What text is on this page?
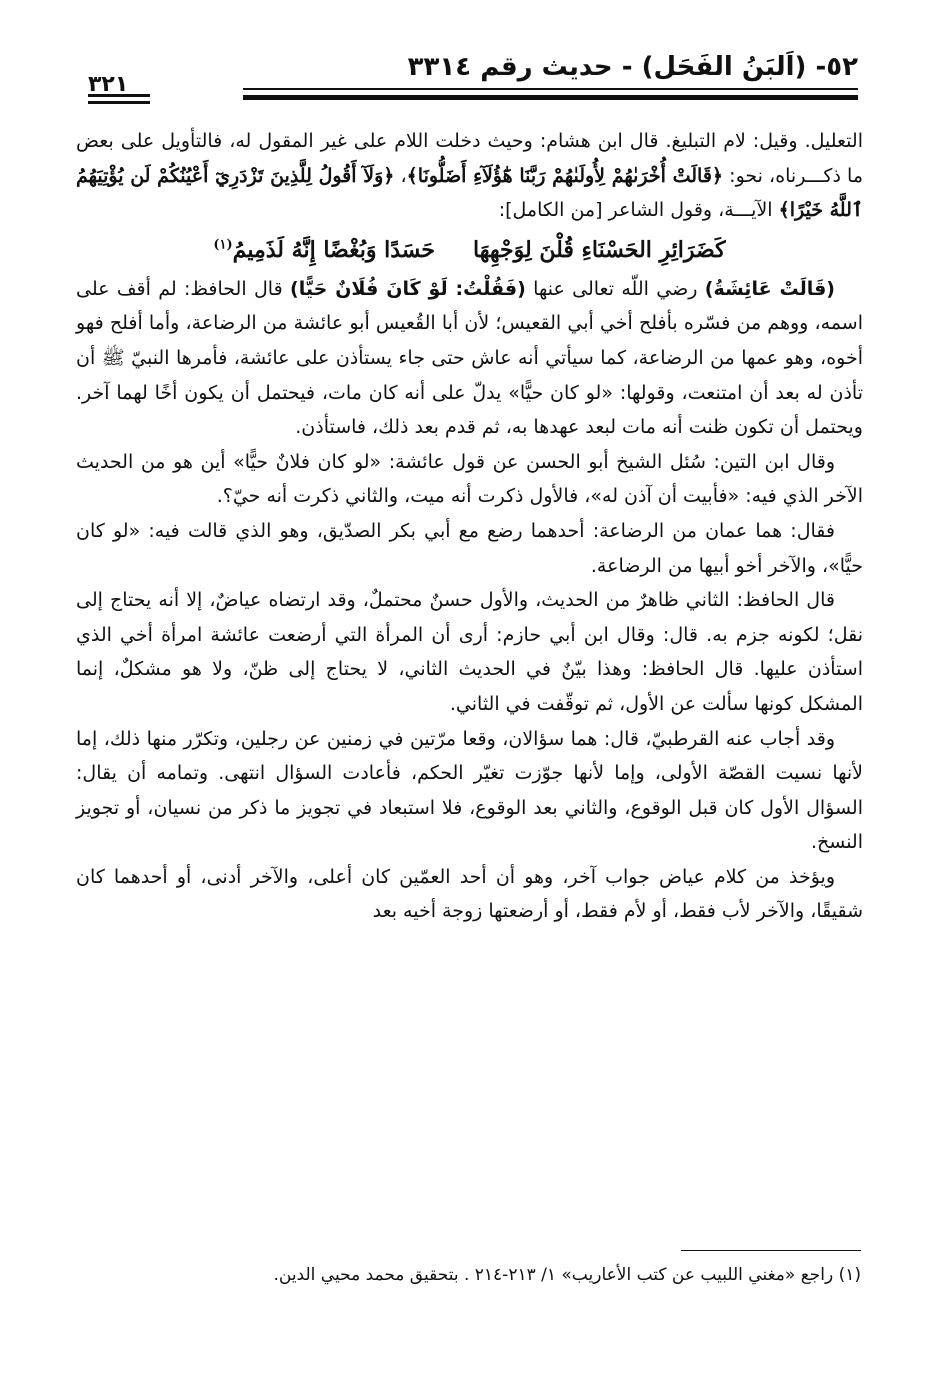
٥٢- (اَلبَنُ الفَحَل) - حديث رقم ٣٣١٤
٣٢١

التعليل. وقيل: لام التبليغ. قال ابن هشام: وحيث دخلت اللام على غير المقول له، فالتأويل على بعض ما ذكـــرناه، نحو: ﴿قَالَتْ أُخْرَىٰهُمْ لِأُولَىٰهُمْ رَبَّنَا هَٰٓؤُلَآءِ أَضَلُّونَا﴾، ﴿وَلَآ أَقُولُ لِلَّذِينَ تَزْدَرِيٓ أَعْيُنُكُمْ لَن يُؤْتِيَهُمُ ٱللَّهُ خَيْرًا﴾ الآيـــة، وقول الشاعر [من الكامل]:

كَضَرَائِرِ الحَسْنَاءِ قُلْنَ لِوَجْهِهَاحَسَدًا وَبُغْضًا إِنَّهُ لَذَمِيمُ$^{(١)}$

(قَالَتْ عَائِشَةُ) رضي اللّه تعالى عنها (فَقُلْتُ: لَوْ كَانَ فُلَانٌ حَيًّا) قال الحافظ: لم أقف على اسمه، ووهم من فسّره بأفلح أخي أبي القعيس؛ لأن أبا القُعيس أبو عائشة من الرضاعة، وأما أفلح فهو أخوه، وهو عمها من الرضاعة، كما سيأتي أنه عاش حتى جاء يستأذن على عائشة، فأمرها النبيّ ﷺ أن تأذن له بعد أن امتنعت، وقولها: «لو كان حيًّا» يدلّ على أنه كان مات، فيحتمل أن يكون أخًا لهما آخر. ويحتمل أن تكون ظنت أنه مات لبعد عهدها به، ثم قدم بعد ذلك، فاستأذن.

وقال ابن التين: سُئل الشيخ أبو الحسن عن قول عائشة: «لو كان فلانٌ حيًّا» أين هو من الحديث الآخر الذي فيه: «فأبيت أن آذن له»، فالأول ذكرت أنه ميت، والثاني ذكرت أنه حيّ؟.

فقال: هما عمان من الرضاعة: أحدهما رضع مع أبي بكر الصدّيق، وهو الذي قالت فيه: «لو كان حيًّا»، والآخر أخو أبيها من الرضاعة.

قال الحافظ: الثاني ظاهرٌ من الحديث، والأول حسنٌ محتملٌ، وقد ارتضاه عياضٌ، إلا أنه يحتاج إلى نقل؛ لكونه جزم به. قال: وقال ابن أبي حازم: أرى أن المرأة التي أرضعت عائشة امرأة أخي الذي استأذن عليها. قال الحافظ: وهذا بيّنٌ في الحديث الثاني، لا يحتاج إلى ظنّ، ولا هو مشكلٌ، إنما المشكل كونها سألت عن الأول، ثم توقّفت في الثاني.

وقد أجاب عنه القرطبيّ، قال: هما سؤالان، وقعا مرّتين في زمنين عن رجلين، وتكرّر منها ذلك، إما لأنها نسيت القصّة الأولى، وإما لأنها جوّزت تغيّر الحكم، فأعادت السؤال انتهى. وتمامه أن يقال: السؤال الأول كان قبل الوقوع، والثاني بعد الوقوع، فلا استبعاد في تجويز ما ذكر من نسيان، أو تجويز النسخ.

ويؤخذ من كلام عياض جواب آخر، وهو أن أحد العمّين كان أعلى، والآخر أدنى، أو أحدهما كان شقيقًا، والآخر لأب فقط، أو لأم فقط، أو أرضعتها زوجة أخيه بعد

(١) راجع «مغني اللبيب عن كتب الأعاريب» ١/ ٢١٣-٢١٤ . بتحقيق محمد محيي الدين.
